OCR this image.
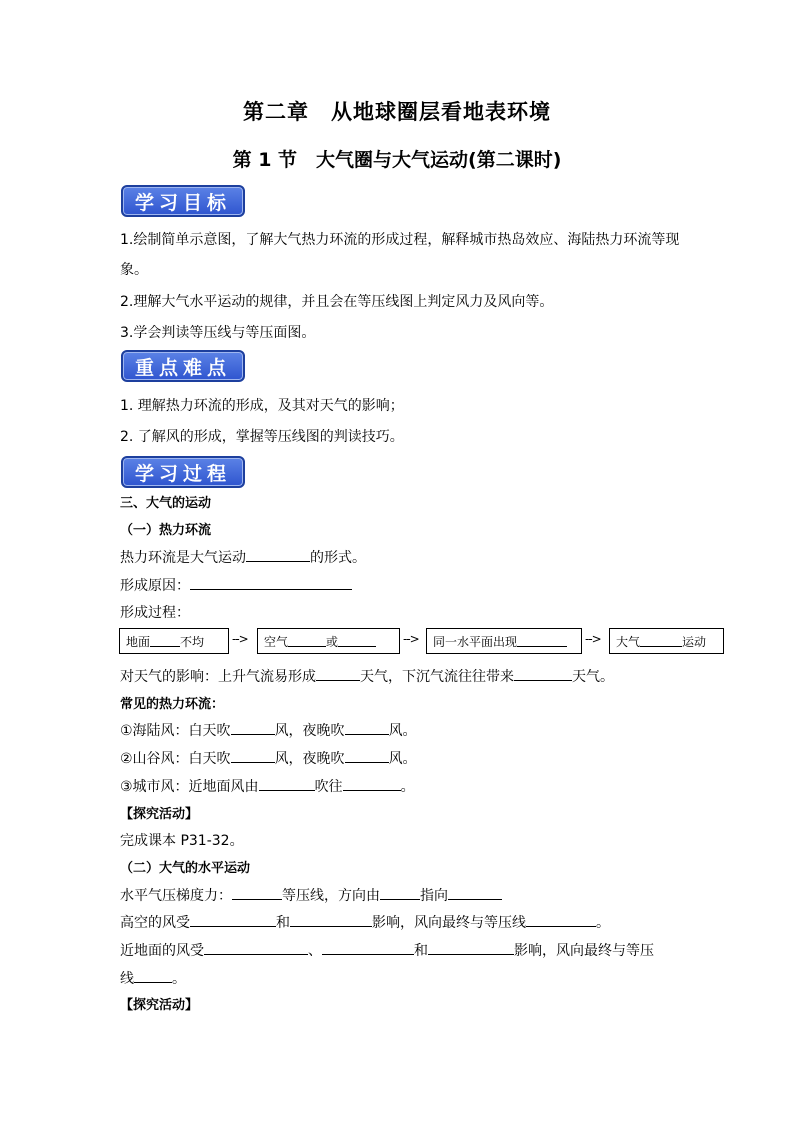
第二章　从地球圈层看地表环境
第 1 节　大气圈与大气运动(第二课时)
学习目标
1.绘制简单示意图，了解大气热力环流的形成过程，解释城市热岛效应、海陆热力环流等现
象。
2.理解大气水平运动的规律，并且会在等压线图上判定风力及风向等。
3.学会判读等压线与等压面图。
重点难点
1. 理解热力环流的形成，及其对天气的影响；
2. 了解风的形成，掌握等压线图的判读技巧。
学习过程
三、大气的运动
（一）热力环流
热力环流是大气运动	的形式。
形成原因：
形成过程：
地面	不均 --> 空气	或	--> 同一水平面出现	--> 大气	运动
对天气的影响：上升气流易形成	天气，下沉气流往往带来	天气。
常见的热力环流：
①海陆风：白天吹	风，夜晚吹	风。
②山谷风：白天吹	风，夜晚吹	风。
③城市风：近地面风由	吹往	。
【探究活动】
完成课本 P31-32。
（二）大气的水平运动
水平气压梯度力：	等压线，方向由	指向
高空的风受	和	影响，风向最终与等压线	。
近地面的风受	、	和	影响，风向最终与等压
线	。
【探究活动】
